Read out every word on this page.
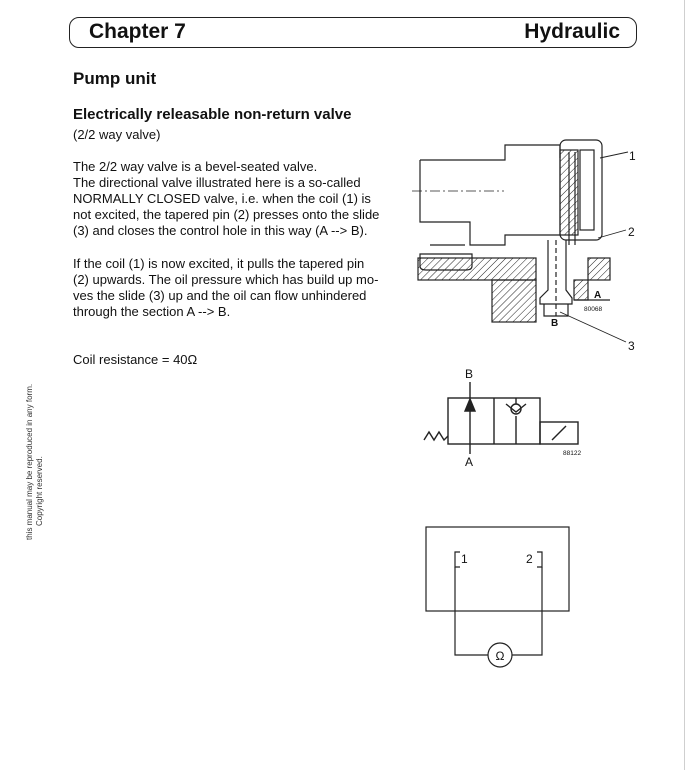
Chapter 7	Hydraulic
Pump unit
Electrically releasable non-return valve
(2/2 way valve)
The 2/2 way valve is a bevel-seated valve.
The directional valve illustrated here is a so-called
NORMALLY CLOSED valve, i.e. when the coil (1) is
not excited, the tapered pin (2) presses onto the slide
(3) and closes the control hole in this way (A --> B).
If the coil (1) is now excited, it pulls the tapered pin
(2) upwards. The oil pressure which has build up mo-
ves the slide (3) up and the oil can flow unhindered
through the section A --> B.
Coil resistance = 40Ω
this manual may be reproduced in any form. Copyright reserved.
1
2
3
A
B
80068
B
A
88122
1	2
Ω
